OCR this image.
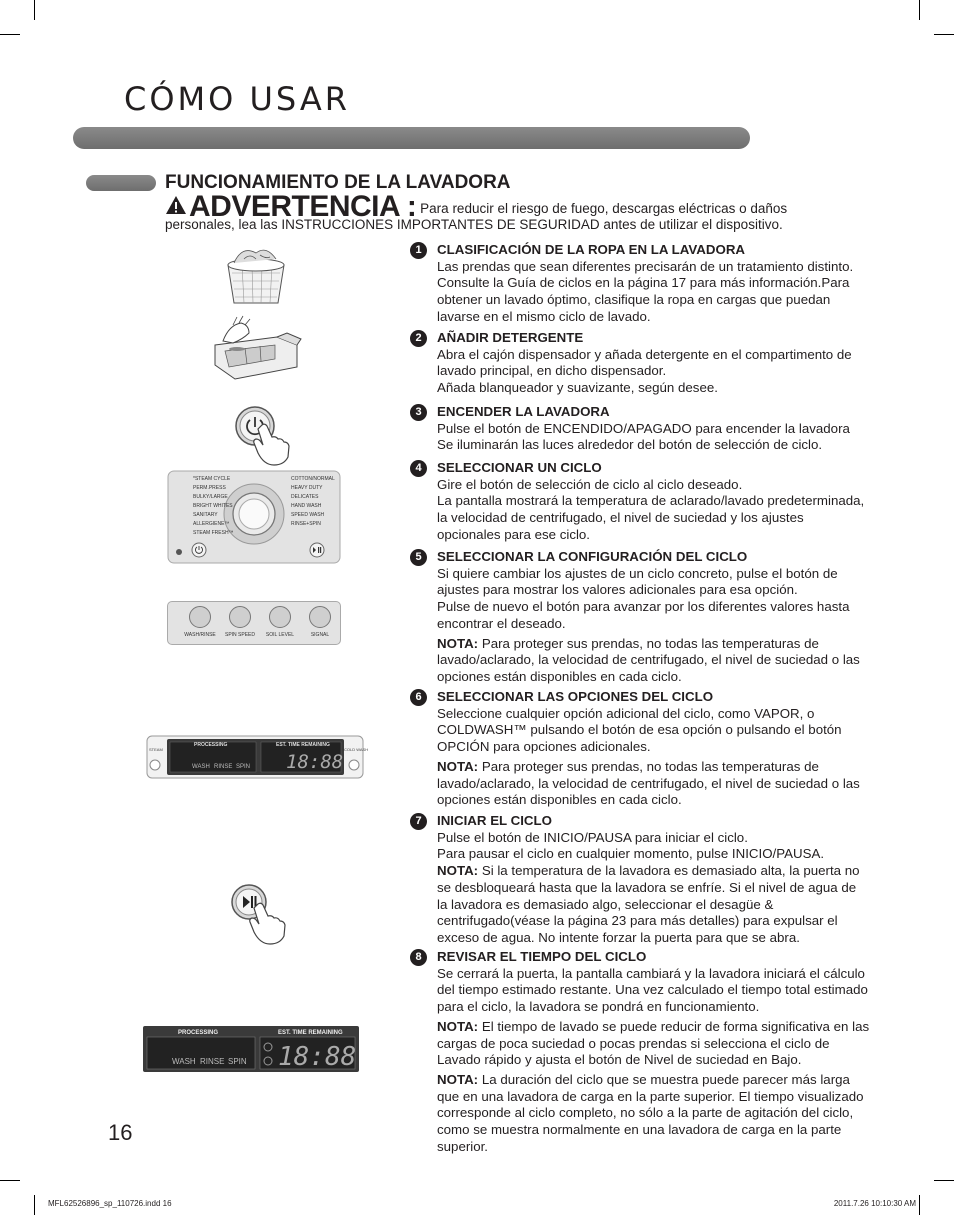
CÓMO USAR
FUNCIONAMIENTO DE LA LAVADORA
ADVERTENCIA : Para reducir el riesgo de fuego, descargas eléctricas o daños personales, lea las INSTRUCCIONES IMPORTANTES DE SEGURIDAD antes de utilizar el dispositivo.
*STEAM CYCLE
PERM.PRESS
BULKY/LARGE
BRIGHT WHITES
SANITARY
ALLERGIENE™
STEAM FRESH™
COTTON/NORMAL
HEAVY DUTY
DELICATES
HAND WASH
SPEED WASH
RINSE+SPIN
WASH/RINSE	SPIN SPEED	SOIL LEVEL	SIGNAL
PROCESSING	EST. TIME REMAINING
WASH RINSE SPIN 18:88
STEAM	COLD WASH
PROCESSING	EST. TIME REMAINING
WASH RINSE SPIN 18:88
1	CLASIFICACIÓN DE LA ROPA EN LA LAVADORA

Las prendas que sean diferentes precisarán de un tratamiento distinto. Consulte la Guía de ciclos en la página 17 para más información.Para obtener un lavado óptimo, clasifique la ropa en cargas que puedan lavarse en el mismo ciclo de lavado.

2	AÑADIR DETERGENTE

Abra el cajón dispensador y añada detergente en el compartimento de lavado principal, en dicho dispensador.

Añada blanqueador y suavizante, según desee.

3	ENCENDER LA LAVADORA

Pulse el botón de ENCENDIDO/APAGADO para encender la lavadora

Se iluminarán las luces alrededor del botón de selección de ciclo.

4	SELECCIONAR UN CICLO

Gire el botón de selección de ciclo al ciclo deseado.

La pantalla mostrará la temperatura de aclarado/lavado predeterminada, la velocidad de centrifugado, el nivel de suciedad y los ajustes opcionales para ese ciclo.

5	SELECCIONAR LA CONFIGURACIÓN DEL CICLO

Si quiere cambiar los ajustes de un ciclo concreto, pulse el botón de ajustes para mostrar los valores adicionales para esa opción.

Pulse de nuevo el botón para avanzar por los diferentes valores hasta encontrar el deseado.

NOTA: Para proteger sus prendas, no todas las temperaturas de lavado/aclarado, la velocidad de centrifugado, el nivel de suciedad o las opciones están disponibles en cada ciclo.

6	SELECCIONAR LAS OPCIONES DEL CICLO

Seleccione cualquier opción adicional del ciclo, como VAPOR, o COLDWASH™ pulsando el botón de esa opción o pulsando el botón OPCIÓN para opciones adicionales.

NOTA: Para proteger sus prendas, no todas las temperaturas de lavado/aclarado, la velocidad de centrifugado, el nivel de suciedad o las opciones están disponibles en cada ciclo.

7	INICIAR EL CICLO

Pulse el botón de INICIO/PAUSA para iniciar el ciclo.

Para pausar el ciclo en cualquier momento, pulse INICIO/PAUSA.

NOTA: Si la temperatura de la lavadora es demasiado alta, la puerta no se desbloqueará hasta que la lavadora se enfríe. Si el nivel de agua de la lavadora es demasiado algo, seleccionar el desagüe & centrifugado(véase la página 23 para más detalles) para expulsar el exceso de agua. No intente forzar la puerta para que se abra.

8	REVISAR EL TIEMPO DEL CICLO

Se cerrará la puerta, la pantalla cambiará y la lavadora iniciará el cálculo del tiempo estimado restante. Una vez calculado el tiempo total estimado para el ciclo, la lavadora se pondrá en funcionamiento.

NOTA: El tiempo de lavado se puede reducir de forma significativa en las cargas de poca suciedad o pocas prendas si selecciona el ciclo de Lavado rápido y ajusta el botón de Nivel de suciedad en Bajo.

NOTA: La duración del ciclo que se muestra puede parecer más larga que en una lavadora de carga en la parte superior. El tiempo visualizado corresponde al ciclo completo, no sólo a la parte de agitación del ciclo, como se muestra normalmente en una lavadora de carga en la parte superior.

16
MFL62526896_sp_110726.indd 16	2011.7.26 10:10:30 AM
